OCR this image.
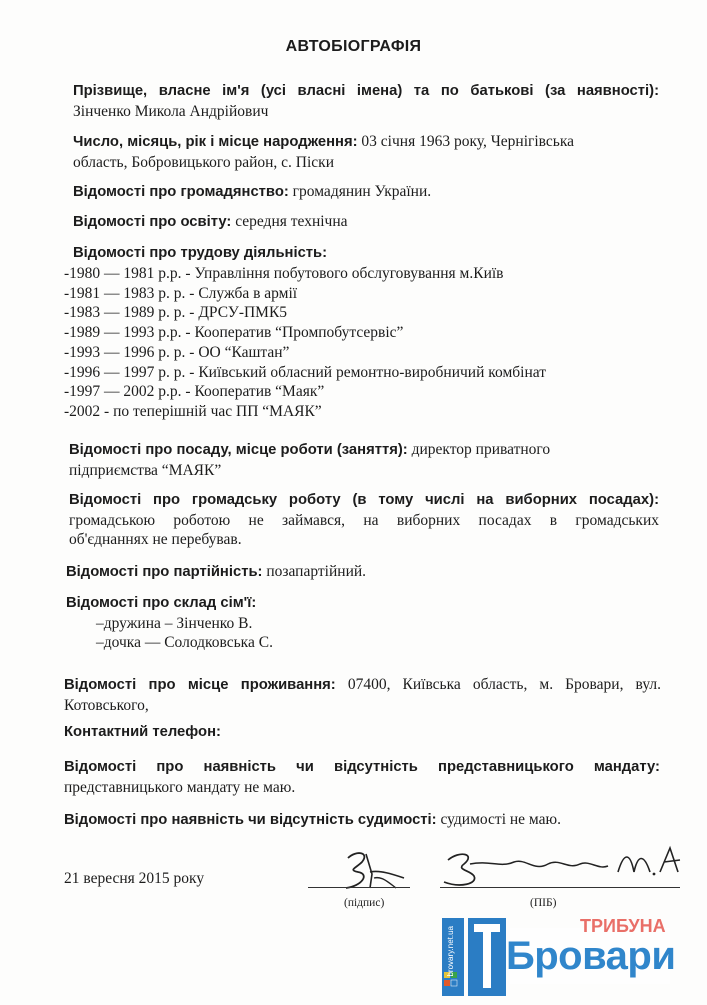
АВТОБІОГРАФІЯ
Прізвище, власне ім'я (усі власні імена) та по батькові (за наявності):
Зінченко Микола Андрійович
Число, місяць, рік і місце народження: 03 січня 1963 року, Чернігівська
область, Бобровицького район, с. Піски
Відомості про громадянство: громадянин України.
Відомості про освіту: середня технічна
Відомості про трудову діяльність:
-1980 — 1981 р.р. - Управління побутового обслуговування м.Київ
-1981 — 1983 р. р. - Служба в армії
-1983 — 1989 р. р. - ДРСУ-ПМК5
-1989 — 1993 р.р. - Кооператив “Промпобутсервіс”
-1993 — 1996 р. р. - ОО “Каштан”
-1996 — 1997 р. р. - Київський обласний ремонтно-виробничий комбінат
-1997 — 2002 р.р. - Кооператив “Маяк”
-2002 - по теперішній час ПП “МАЯК”
Відомості про посаду, місце роботи (заняття): директор приватного
підприємства “МАЯК”
Відомості про громадську роботу (в тому числі на виборних посадах):
громадською роботою не займався, на виборних посадах в громадських
об'єднаннях не перебував.
Відомості про партійність: позапартійний.
Відомості про склад сім'ї:
–дружина – Зінченко В.
–дочка — Солодковська С.
Відомості про місце проживання: 07400, Київська область, м. Бровари, вул.
Котовського,
Контактний телефон:
Відомості про наявність чи відсутність представницького мандату:
представницького мандату не маю.
Відомості про наявність чи відсутність судимості: судимості не маю.
21 вересня 2015 року
(підпис)	(ПІБ)
brovary.net.ua	ТРИБУНА
Бровари
